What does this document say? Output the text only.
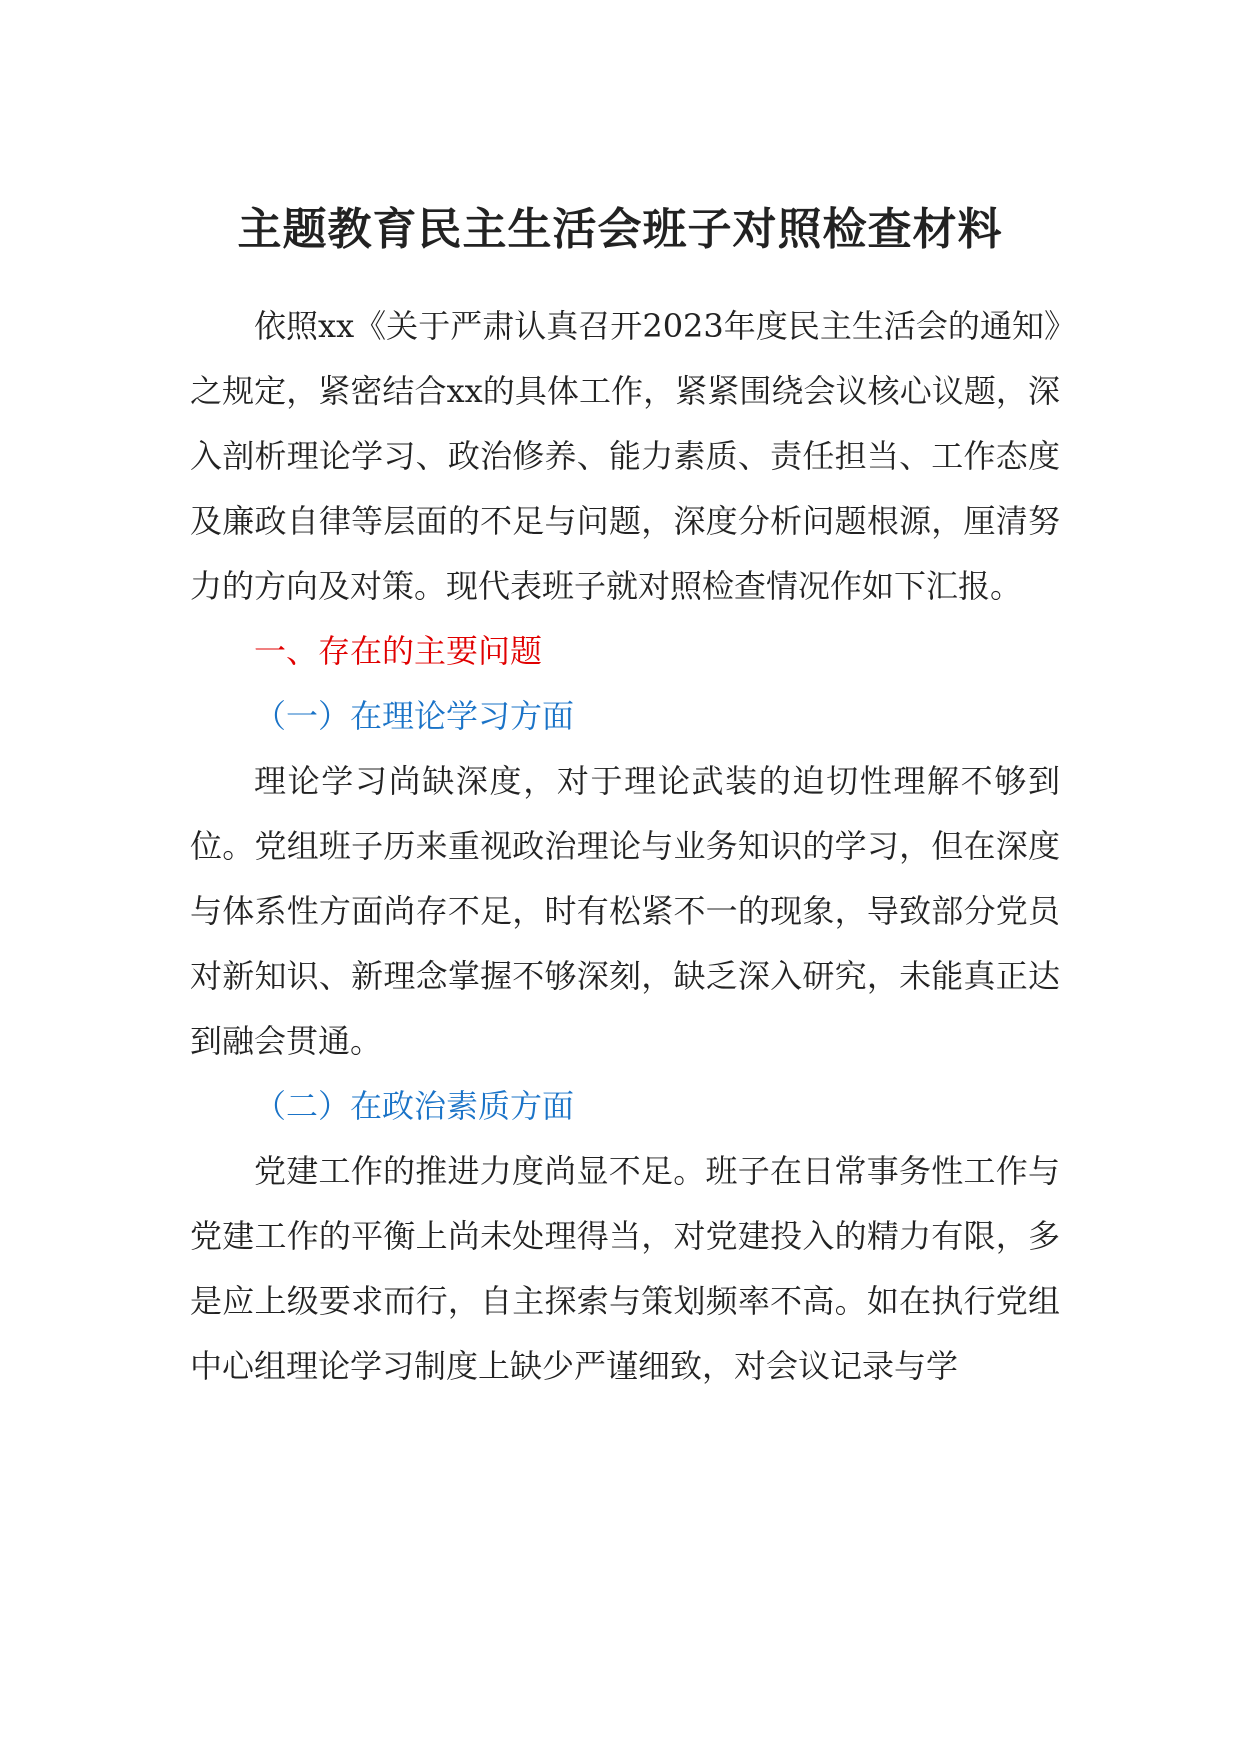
主题教育民主生活会班子对照检查材料

依照xx《关于严肃认真召开2023年度民主生活会的通知》之规定，紧密结合xx的具体工作，紧紧围绕会议核心议题，深入剖析理论学习、政治修养、能力素质、责任担当、工作态度及廉政自律等层面的不足与问题，深度分析问题根源，厘清努力的方向及对策。现代表班子就对照检查情况作如下汇报。

一、存在的主要问题

（一）在理论学习方面

理论学习尚缺深度，对于理论武装的迫切性理解不够到位。党组班子历来重视政治理论与业务知识的学习，但在深度与体系性方面尚存不足，时有松紧不一的现象，导致部分党员对新知识、新理念掌握不够深刻，缺乏深入研究，未能真正达到融会贯通。

（二）在政治素质方面

党建工作的推进力度尚显不足。班子在日常事务性工作与党建工作的平衡上尚未处理得当，对党建投入的精力有限，多是应上级要求而行，自主探索与策划频率不高。如在执行党组中心组理论学习制度上缺少严谨细致，对会议记录与学
